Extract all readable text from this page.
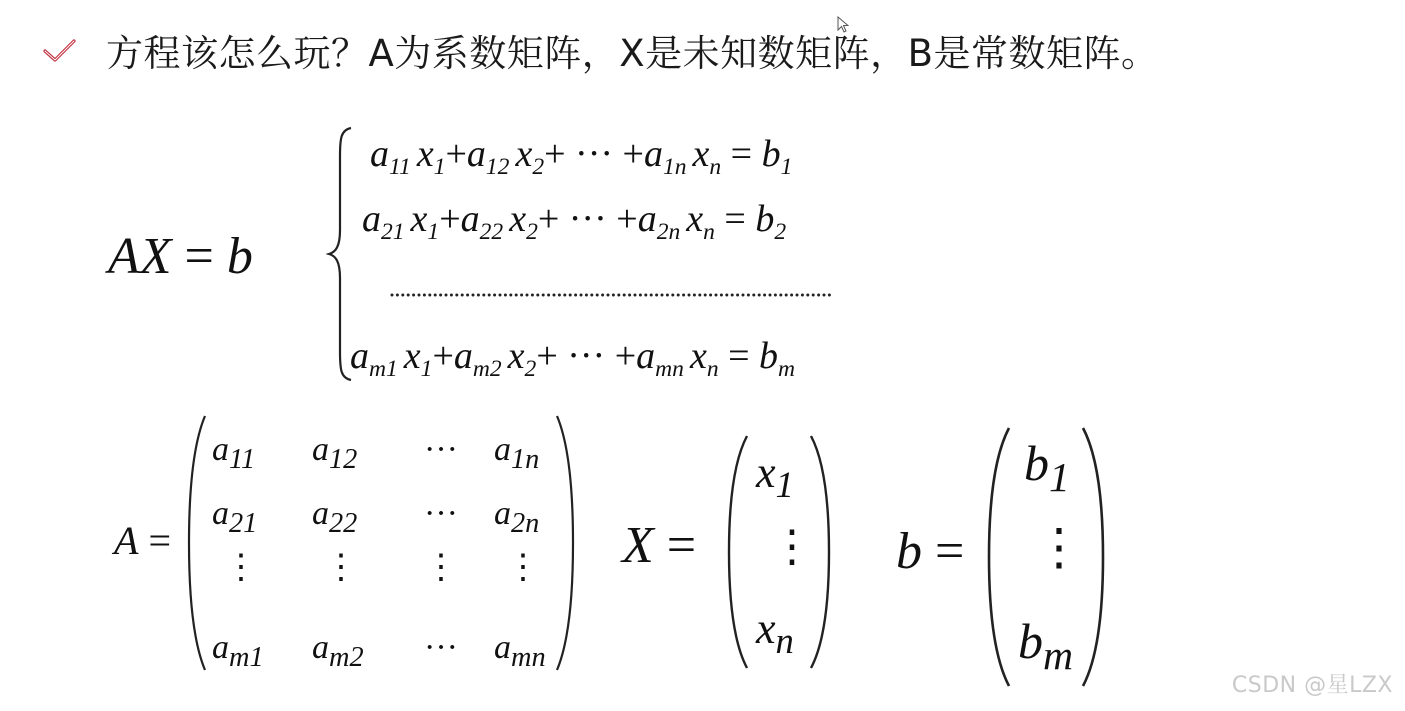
方程该怎么玩？A为系数矩阵，X是未知数矩阵，B是常数矩阵。
AX = b
$a_{11}$ $x_1+a_{12}$ $x_2+$ ··· $+a_{1n}$ $x_n = b_1$
$a_{21}$ $x_1+a_{22}$ $x_2+$ ··· $+a_{2n}$ $x_n = b_2$
$a_{m1}$ $x_1+a_{m2}$ $x_2+$ ··· $+a_{mn}$ $x_n = b_m$
A =
$a_{11}$ $a_{12}$ ··· $a_{1n}$
$a_{21}$ $a_{22}$ ··· $a_{2n}$
⋮ ⋮ ⋮ ⋮
$a_{m1}$ $a_{m2}$ ··· $a_{mn}$
X =
$x_1$
⋮
$x_n$
b =
$b_1$
⋮
$b_m$
CSDN @星LZX
